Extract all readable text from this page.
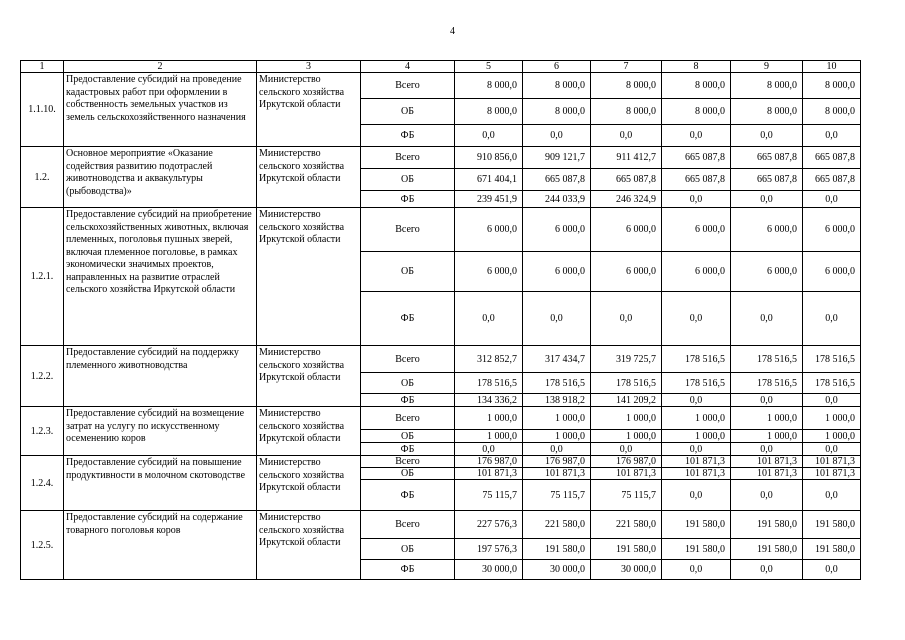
4
1	2	3	4	5	6	7	8	9	10
1.1.10.	Предоставление субсидий на проведение кадастровых работ при оформлении в собственность земельных участков из земель сельскохозяйственного назначения	Министерство сельского хозяйства Иркутской области	Всего	8 000,0	8 000,0	8 000,0	8 000,0	8 000,0	8 000,0
			ОБ	8 000,0	8 000,0	8 000,0	8 000,0	8 000,0	8 000,0
			ФБ	0,0	0,0	0,0	0,0	0,0	0,0
1.2.	Основное мероприятие «Оказание содействия развитию подотраслей животноводства и аквакультуры (рыбоводства)»	Министерство сельского хозяйства Иркутской области	Всего	910 856,0	909 121,7	911 412,7	665 087,8	665 087,8	665 087,8
			ОБ	671 404,1	665 087,8	665 087,8	665 087,8	665 087,8	665 087,8
			ФБ	239 451,9	244 033,9	246 324,9	0,0	0,0	0,0
1.2.1.	Предоставление субсидий на приобретение сельскохозяйственных животных, включая племенных, поголовья пушных зверей, включая племенное поголовье, в рамках экономически значимых проектов, направленных на развитие отраслей сельского хозяйства Иркутской области	Министерство сельского хозяйства Иркутской области	Всего	6 000,0	6 000,0	6 000,0	6 000,0	6 000,0	6 000,0
			ОБ	6 000,0	6 000,0	6 000,0	6 000,0	6 000,0	6 000,0
			ФБ	0,0	0,0	0,0	0,0	0,0	0,0
1.2.2.	Предоставление субсидий на поддержку племенного животноводства	Министерство сельского хозяйства Иркутской области	Всего	312 852,7	317 434,7	319 725,7	178 516,5	178 516,5	178 516,5
			ОБ	178 516,5	178 516,5	178 516,5	178 516,5	178 516,5	178 516,5
			ФБ	134 336,2	138 918,2	141 209,2	0,0	0,0	0,0
1.2.3.	Предоставление субсидий на возмещение затрат на услугу по искусственному осеменению коров	Министерство сельского хозяйства Иркутской области	Всего	1 000,0	1 000,0	1 000,0	1 000,0	1 000,0	1 000,0
			ОБ	1 000,0	1 000,0	1 000,0	1 000,0	1 000,0	1 000,0
			ФБ	0,0	0,0	0,0	0,0	0,0	0,0
1.2.4.	Предоставление субсидий на повышение продуктивности в молочном скотоводстве	Министерство сельского хозяйства Иркутской области	Всего	176 987,0	176 987,0	176 987,0	101 871,3	101 871,3	101 871,3
			ОБ	101 871,3	101 871,3	101 871,3	101 871,3	101 871,3	101 871,3
			ФБ	75 115,7	75 115,7	75 115,7	0,0	0,0	0,0
1.2.5.	Предоставление субсидий на содержание товарного поголовья коров	Министерство сельского хозяйства Иркутской области	Всего	227 576,3	221 580,0	221 580,0	191 580,0	191 580,0	191 580,0
			ОБ	197 576,3	191 580,0	191 580,0	191 580,0	191 580,0	191 580,0
			ФБ	30 000,0	30 000,0	30 000,0	0,0	0,0	0,0
